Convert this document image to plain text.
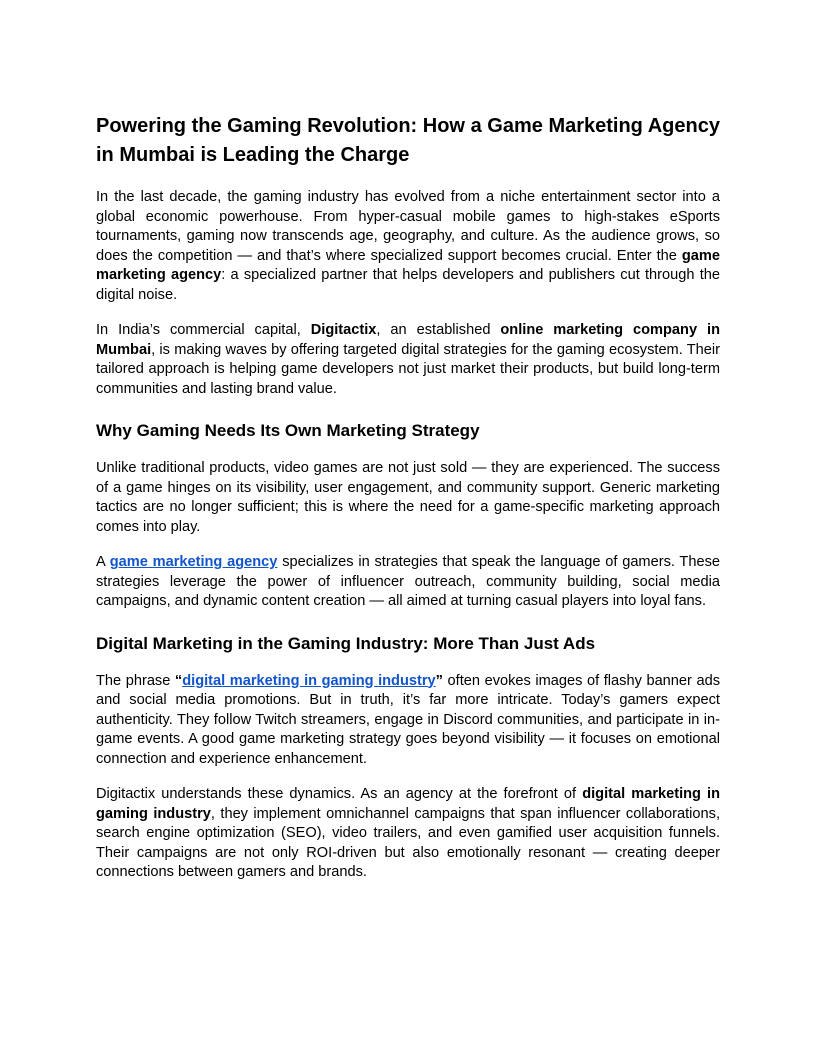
Powering the Gaming Revolution: How a Game Marketing Agency in Mumbai is Leading the Charge

In the last decade, the gaming industry has evolved from a niche entertainment sector into a global economic powerhouse. From hyper-casual mobile games to high-stakes eSports tournaments, gaming now transcends age, geography, and culture. As the audience grows, so does the competition — and that’s where specialized support becomes crucial. Enter the game marketing agency: a specialized partner that helps developers and publishers cut through the digital noise.

In India’s commercial capital, Digitactix, an established online marketing company in Mumbai, is making waves by offering targeted digital strategies for the gaming ecosystem. Their tailored approach is helping game developers not just market their products, but build long-term communities and lasting brand value.

Why Gaming Needs Its Own Marketing Strategy

Unlike traditional products, video games are not just sold — they are experienced. The success of a game hinges on its visibility, user engagement, and community support. Generic marketing tactics are no longer sufficient; this is where the need for a game-specific marketing approach comes into play.

A game marketing agency specializes in strategies that speak the language of gamers. These strategies leverage the power of influencer outreach, community building, social media campaigns, and dynamic content creation — all aimed at turning casual players into loyal fans.

Digital Marketing in the Gaming Industry: More Than Just Ads

The phrase “digital marketing in gaming industry” often evokes images of flashy banner ads and social media promotions. But in truth, it’s far more intricate. Today’s gamers expect authenticity. They follow Twitch streamers, engage in Discord communities, and participate in in-game events. A good game marketing strategy goes beyond visibility — it focuses on emotional connection and experience enhancement.

Digitactix understands these dynamics. As an agency at the forefront of digital marketing in gaming industry, they implement omnichannel campaigns that span influencer collaborations, search engine optimization (SEO), video trailers, and even gamified user acquisition funnels. Their campaigns are not only ROI-driven but also emotionally resonant — creating deeper connections between gamers and brands.
